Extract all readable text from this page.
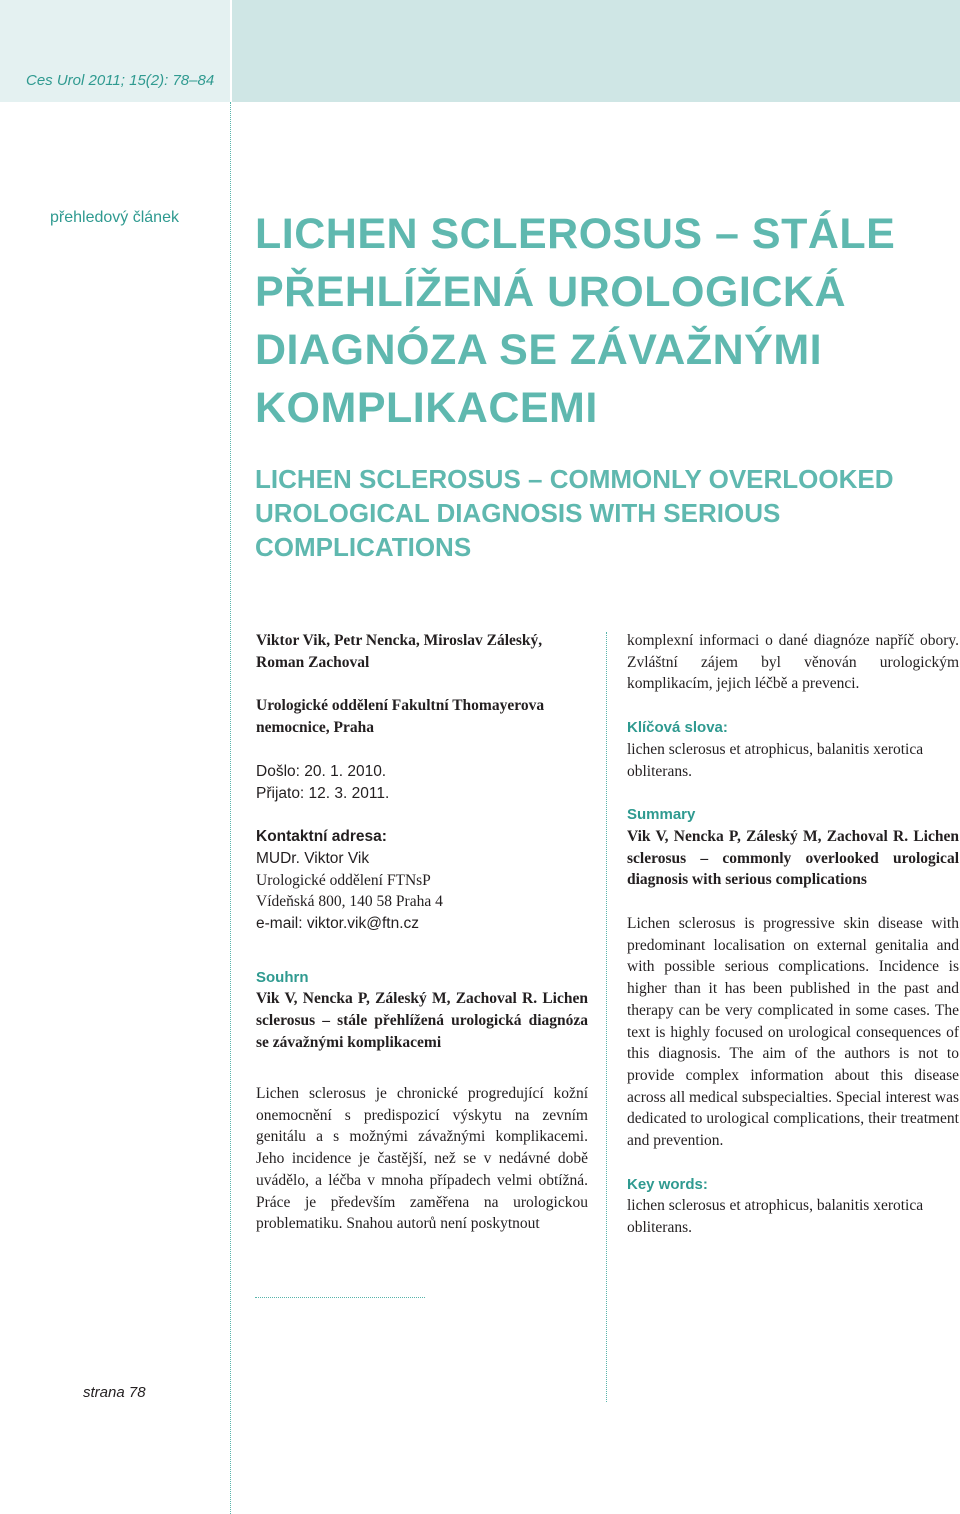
Ces Urol 2011; 15(2): 78–84
přehledový článek
strana 78
LICHEN SCLEROSUS – STÁLE PŘEHLÍŽENÁ UROLOGICKÁ DIAGNÓZA SE ZÁVAŽNÝMI KOMPLIKACEMI
LICHEN SCLEROSUS – COMMONLY OVERLOOKED UROLOGICAL DIAGNOSIS WITH SERIOUS COMPLICATIONS

Viktor Vik, Petr Nencka, Miroslav Záleský, Roman Zachoval

Urologické oddělení Fakultní Thomayerova nemocnice, Praha

Došlo: 20. 1. 2010.

Přijato: 12. 3. 2011.

Kontaktní adresa:

MUDr. Viktor Vik

Urologické oddělení FTNsP

Vídeňská 800, 140 58 Praha 4

e-mail: viktor.vik@ftn.cz

Souhrn

Vik V, Nencka P, Záleský M, Zachoval R. Lichen sclerosus – stále přehlížená urologická diagnóza se závažnými komplikacemi

Lichen sclerosus je chronické progredující kožní onemocnění s predispozicí výskytu na zevním genitálu a s možnými závažnými komplikacemi. Jeho incidence je častější, než se v nedávné době uvádělo, a léčba v mnoha případech velmi obtížná. Práce je především zaměřena na urologickou problematiku. Snahou autorů není poskytnout

komplexní informaci o dané diagnóze napříč obory. Zvláštní zájem byl věnován urologickým komplikacím, jejich léčbě a prevenci.

Klíčová slova:

lichen sclerosus et atrophicus, balanitis xerotica obliterans.

Summary

Vik V, Nencka P, Záleský M, Zachoval R. Lichen sclerosus – commonly overlooked urological diagnosis with serious complications

Lichen sclerosus is progressive skin disease with predominant localisation on external genitalia and with possible serious complications. Incidence is higher than it has been published in the past and therapy can be very complicated in some cases. The text is highly focused on urological consequences of this diagnosis. The aim of the authors is not to provide complex information about this disease across all medical subspecialties. Special interest was dedicated to urological complications, their treatment and prevention.

Key words:

lichen sclerosus et atrophicus, balanitis xerotica obliterans.
